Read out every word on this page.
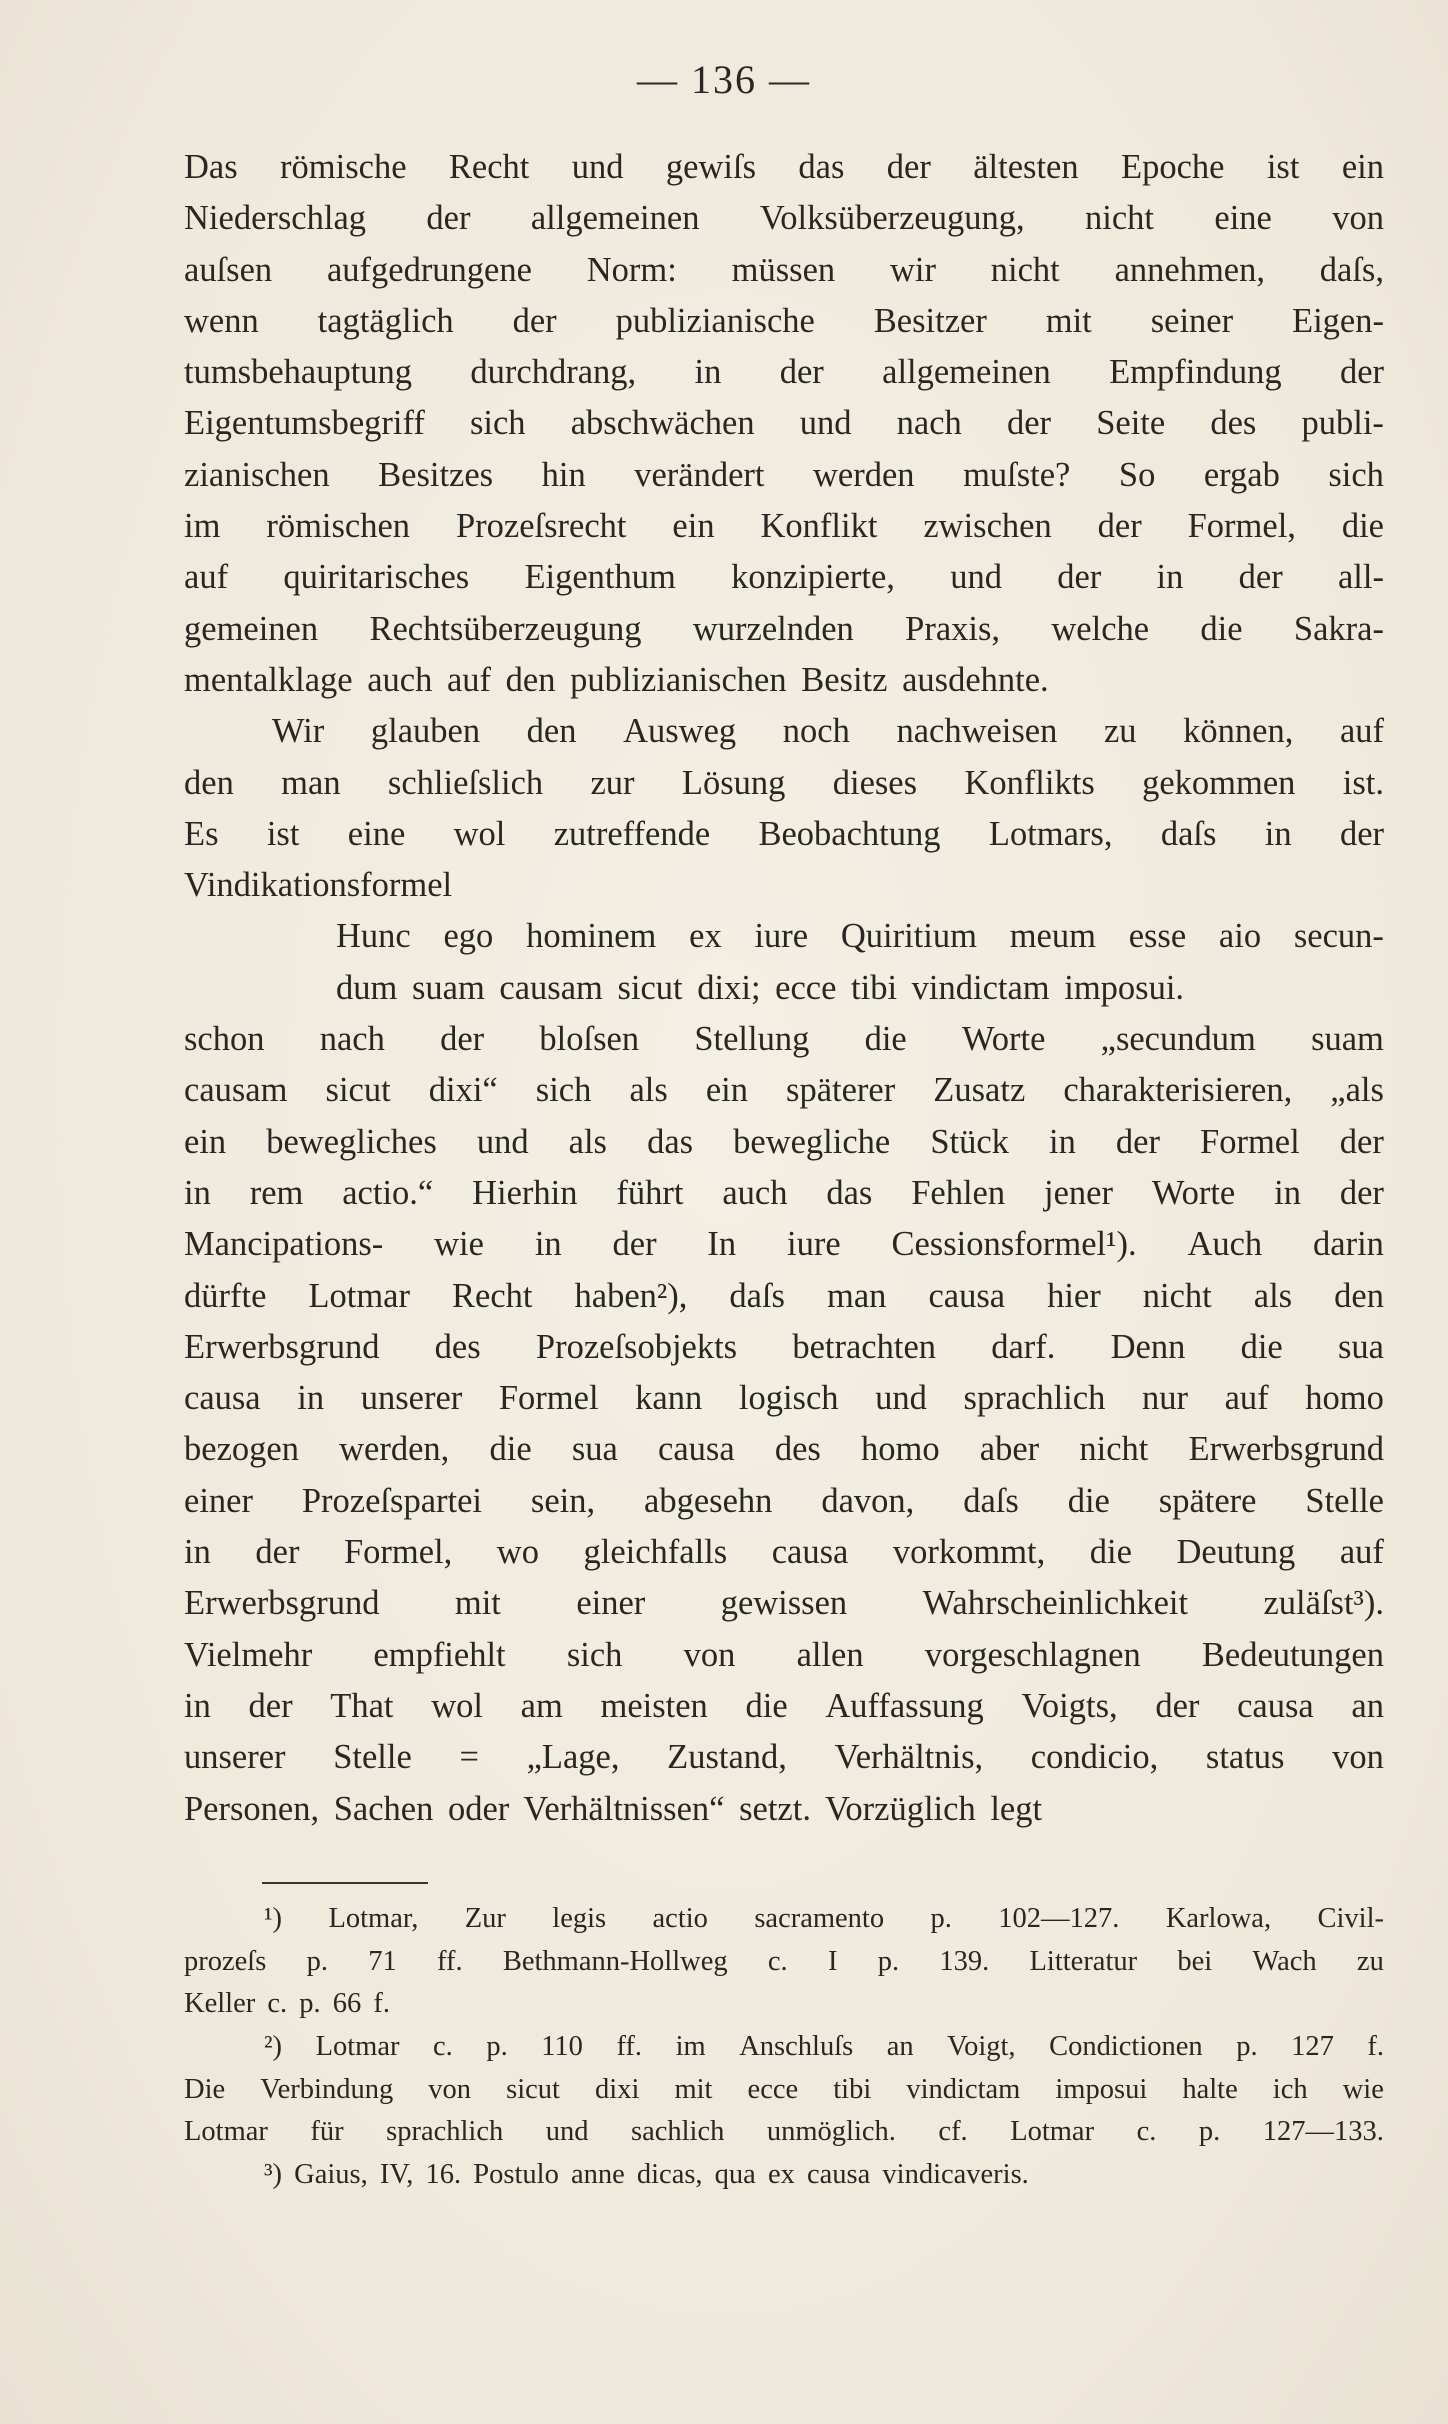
— 136 —
Das römische Recht und gewiſs das der ältesten Epoche ist ein
Niederschlag der allgemeinen Volksüberzeugung, nicht eine von
auſsen aufgedrungene Norm: müssen wir nicht annehmen, daſs,
wenn tagtäglich der publizianische Besitzer mit seiner Eigen-
tumsbehauptung durchdrang, in der allgemeinen Empfindung der
Eigentumsbegriff sich abschwächen und nach der Seite des publi-
zianischen Besitzes hin verändert werden muſste? So ergab sich
im römischen Prozeſsrecht ein Konflikt zwischen der Formel, die
auf quiritarisches Eigenthum konzipierte, und der in der all-
gemeinen Rechtsüberzeugung wurzelnden Praxis, welche die Sakra-
mentalklage auch auf den publizianischen Besitz ausdehnte.
Wir glauben den Ausweg noch nachweisen zu können, auf
den man schlieſslich zur Lösung dieses Konflikts gekommen ist.
Es ist eine wol zutreffende Beobachtung Lotmars, daſs in der
Vindikationsformel
Hunc ego hominem ex iure Quiritium meum esse aio secun-
dum suam causam sicut dixi; ecce tibi vindictam imposui.
schon nach der bloſsen Stellung die Worte „secundum suam
causam sicut dixi“ sich als ein späterer Zusatz charakterisieren, „als
ein bewegliches und als das bewegliche Stück in der Formel der
in rem actio.“ Hierhin führt auch das Fehlen jener Worte in der
Mancipations- wie in der In iure Cessionsformel¹). Auch darin
dürfte Lotmar Recht haben²), daſs man causa hier nicht als den
Erwerbsgrund des Prozeſsobjekts betrachten darf. Denn die sua
causa in unserer Formel kann logisch und sprachlich nur auf homo
bezogen werden, die sua causa des homo aber nicht Erwerbsgrund
einer Prozeſspartei sein, abgesehn davon, daſs die spätere Stelle
in der Formel, wo gleichfalls causa vorkommt, die Deutung auf
Erwerbsgrund mit einer gewissen Wahrscheinlichkeit zuläſst³).
Vielmehr empfiehlt sich von allen vorgeschlagnen Bedeutungen
in der That wol am meisten die Auffassung Voigts, der causa an
unserer Stelle = „Lage, Zustand, Verhältnis, condicio, status von
Personen, Sachen oder Verhältnissen“ setzt. Vorzüglich legt
¹) Lotmar, Zur legis actio sacramento p. 102—127. Karlowa, Civil-
prozeſs p. 71 ff. Bethmann-Hollweg c. I p. 139. Litteratur bei Wach zu
Keller c. p. 66 f.
²) Lotmar c. p. 110 ff. im Anschluſs an Voigt, Condictionen p. 127 f.
Die Verbindung von sicut dixi mit ecce tibi vindictam imposui halte ich wie
Lotmar für sprachlich und sachlich unmöglich. cf. Lotmar c. p. 127—133.
³) Gaius, IV, 16. Postulo anne dicas, qua ex causa vindicaveris.
